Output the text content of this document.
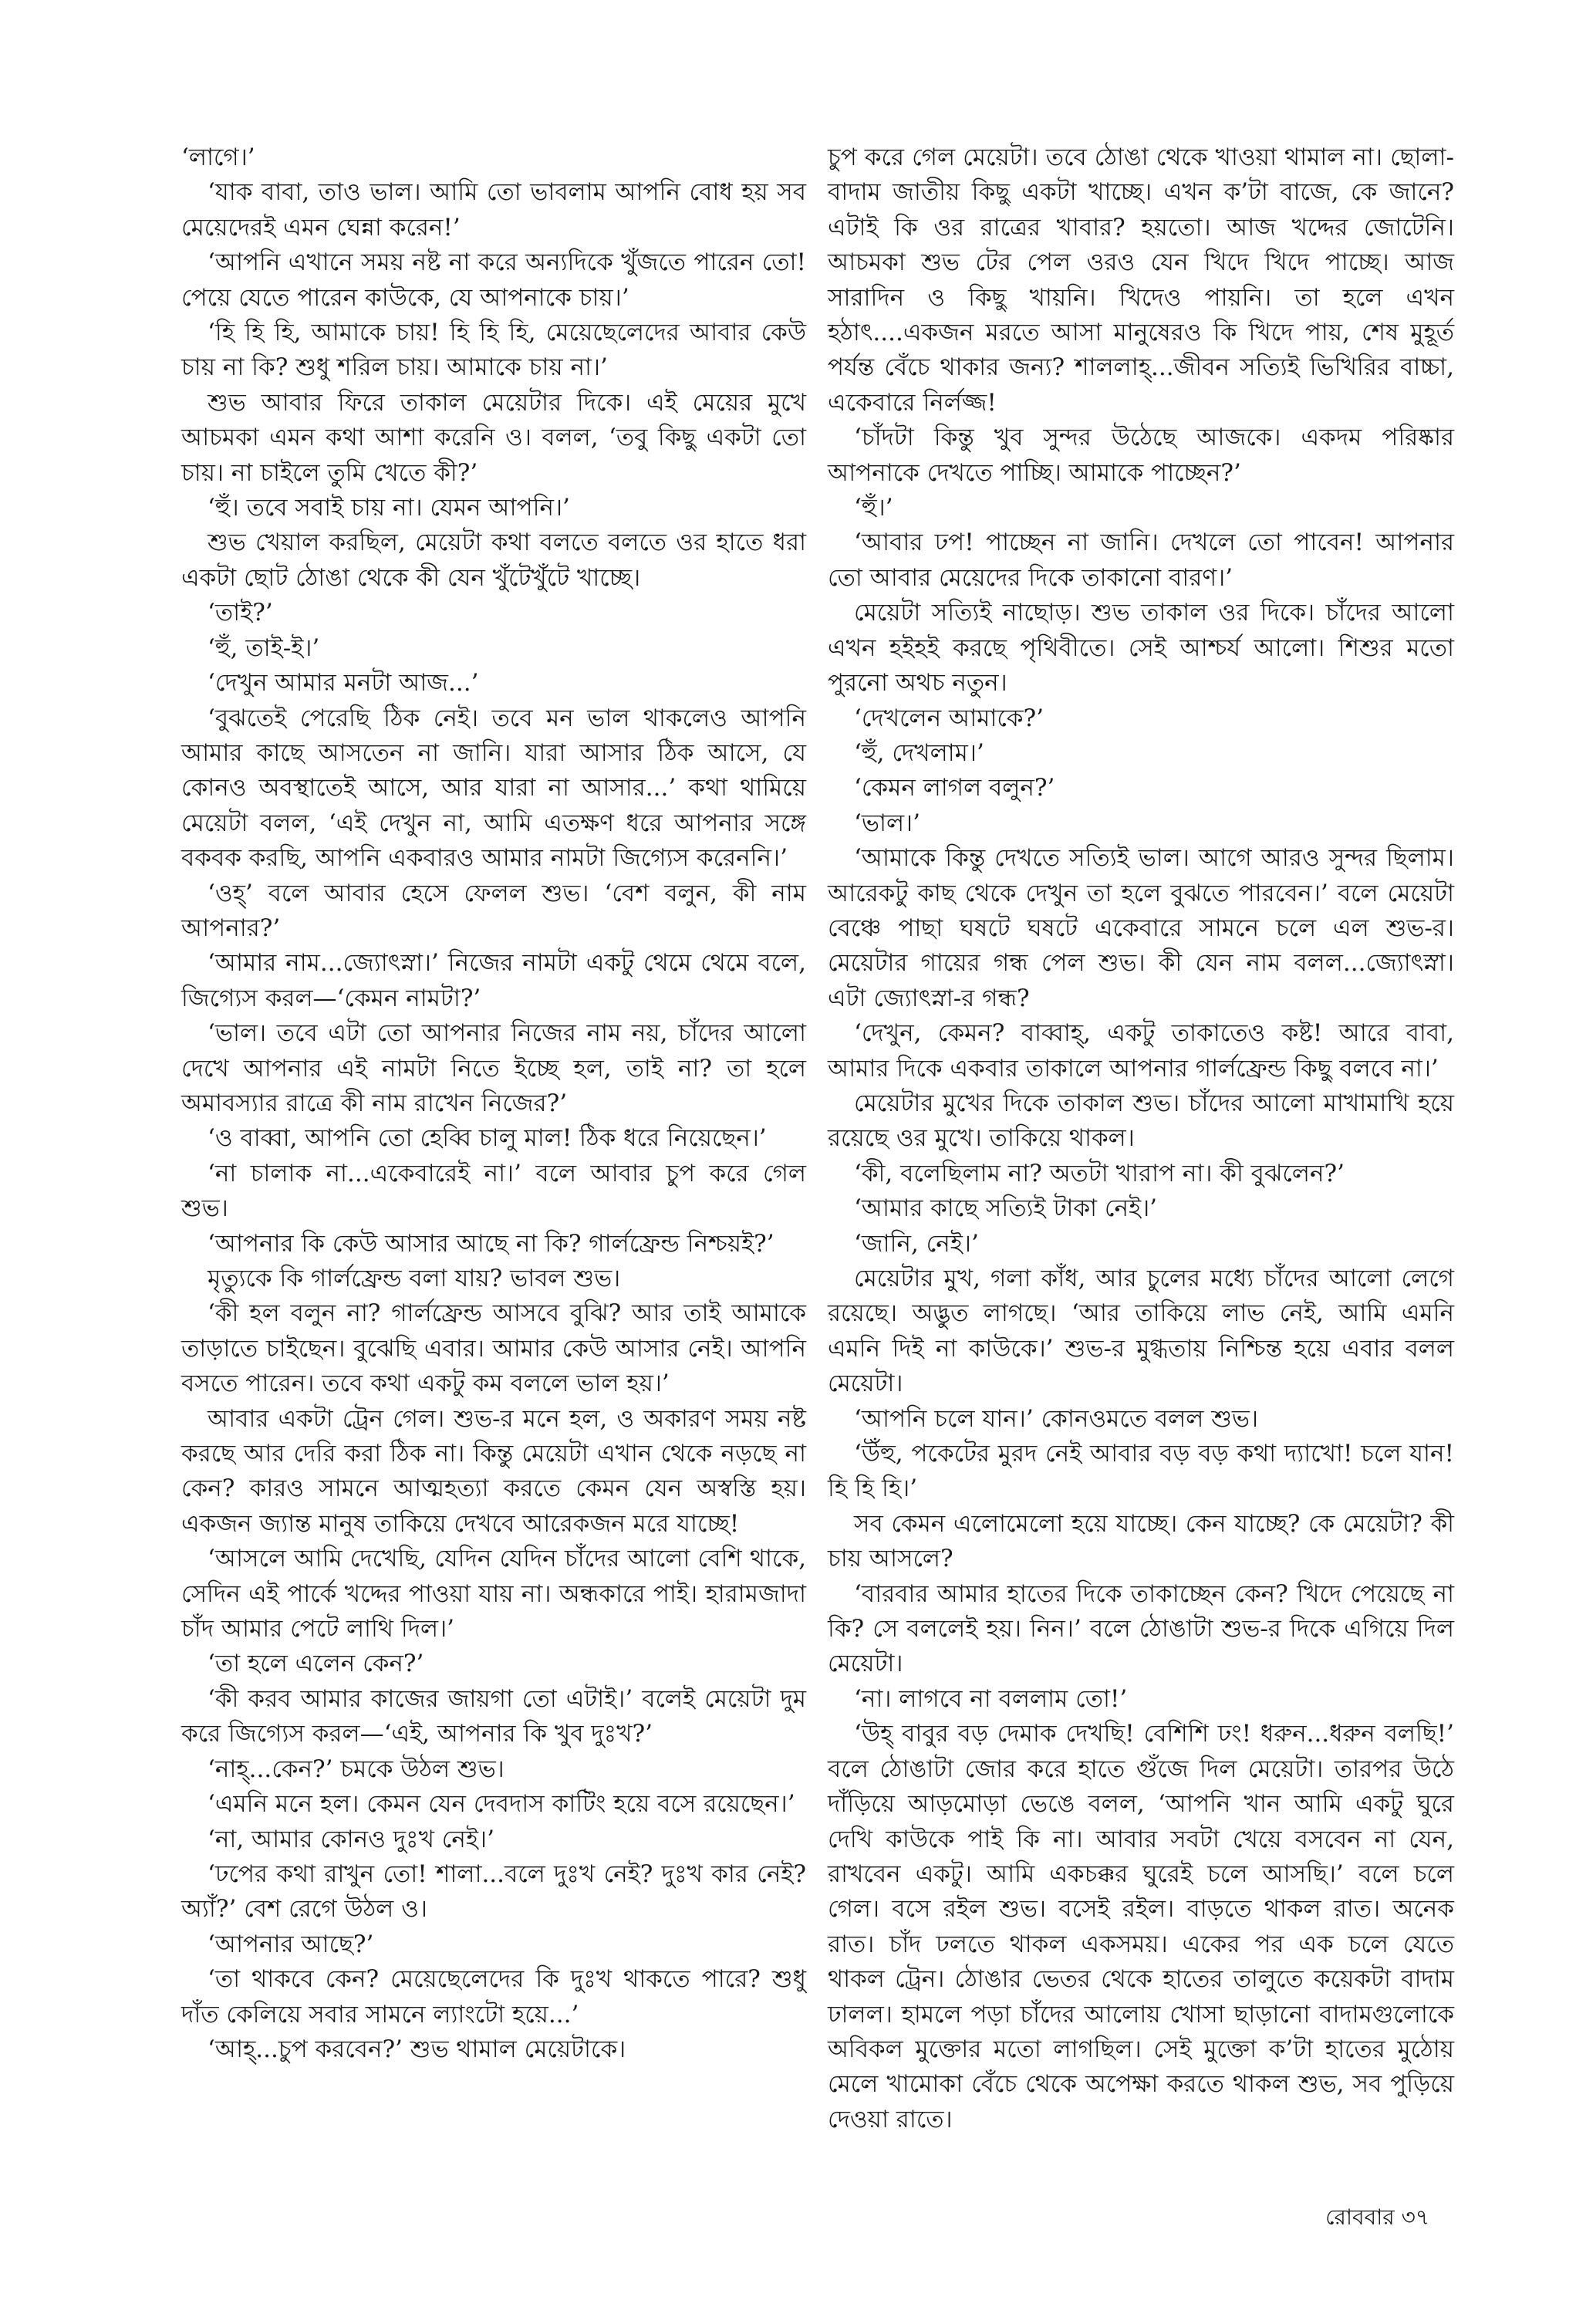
‘লাগে।’

‘যাক বাবা, তাও ভাল। আমি তো ভাবলাম আপনি বোধ হয় সব মেয়েদেরই এমন ঘেন্না করেন!’

‘আপনি এখানে সময় নষ্ট না করে অন্যদিকে খুঁজতে পারেন তো! পেয়ে যেতে পারেন কাউকে, যে আপনাকে চায়।’

‘হি হি হি, আমাকে চায়! হি হি হি, মেয়েছেলেদের আবার কেউ চায় না কি? শুধু শরিল চায়। আমাকে চায় না।’

শুভ আবার ফিরে তাকাল মেয়েটার দিকে। এই মেয়ের মুখে আচমকা এমন কথা আশা করেনি ও। বলল, ‘তবু কিছু একটা তো চায়। না চাইলে তুমি খেতে কী?’

‘হুঁ। তবে সবাই চায় না। যেমন আপনি।’

শুভ খেয়াল করছিল, মেয়েটা কথা বলতে বলতে ওর হাতে ধরা একটা ছোট ঠোঙা থেকে কী যেন খুঁটেখুঁটে খাচ্ছে।

‘তাই?’

‘হুঁ, তাই-ই।’

‘দেখুন আমার মনটা আজ...’

‘বুঝতেই পেরেছি ঠিক নেই। তবে মন ভাল থাকলেও আপনি আমার কাছে আসতেন না জানি। যারা আসার ঠিক আসে, যে কোনও অবস্থাতেই আসে, আর যারা না আসার...’ কথা থামিয়ে মেয়েটা বলল, ‘এই দেখুন না, আমি এতক্ষণ ধরে আপনার সঙ্গে বকবক করছি, আপনি একবারও আমার নামটা জিগ্যেস করেননি।’

‘ওহ্’ বলে আবার হেসে ফেলল শুভ। ‘বেশ বলুন, কী নাম আপনার?’

‘আমার নাম...জ্যোৎস্না।’ নিজের নামটা একটু থেমে থেমে বলে, জিগ্যেস করল—‘কেমন নামটা?’

‘ভাল। তবে এটা তো আপনার নিজের নাম নয়, চাঁদের আলো দেখে আপনার এই নামটা নিতে ইচ্ছে হল, তাই না? তা হলে অমাবস্যার রাত্রে কী নাম রাখেন নিজের?’

‘ও বাব্বা, আপনি তো হেব্বি চালু মাল! ঠিক ধরে নিয়েছেন।’

‘না চালাক না...একেবারেই না।’ বলে আবার চুপ করে গেল শুভ।

‘আপনার কি কেউ আসার আছে না কি? গার্লফ্রেন্ড নিশ্চয়ই?’

মৃত্যুকে কি গার্লফ্রেন্ড বলা যায়? ভাবল শুভ।

‘কী হল বলুন না? গার্লফ্রেন্ড আসবে বুঝি? আর তাই আমাকে তাড়াতে চাইছেন। বুঝেছি এবার। আমার কেউ আসার নেই। আপনি বসতে পারেন। তবে কথা একটু কম বললে ভাল হয়।’

আবার একটা ট্রেন গেল। শুভ-র মনে হল, ও অকারণ সময় নষ্ট করছে আর দেরি করা ঠিক না। কিন্তু মেয়েটা এখান থেকে নড়ছে না কেন? কারও সামনে আত্মহত্যা করতে কেমন যেন অস্বস্তি হয়। একজন জ্যান্ত মানুষ তাকিয়ে দেখবে আরেকজন মরে যাচ্ছে!

‘আসলে আমি দেখেছি, যেদিন যেদিন চাঁদের আলো বেশি থাকে, সেদিন এই পার্কে খদ্দের পাওয়া যায় না। অন্ধকারে পাই। হারামজাদা চাঁদ আমার পেটে লাথি দিল।’

‘তা হলে এলেন কেন?’

‘কী করব আমার কাজের জায়গা তো এটাই।’ বলেই মেয়েটা দুম করে জিগ্যেস করল—‘এই, আপনার কি খুব দুঃখ?’

‘নাহ্...কেন?’ চমকে উঠল শুভ।

‘এমনি মনে হল। কেমন যেন দেবদাস কাটিং হয়ে বসে রয়েছেন।’

‘না, আমার কোনও দুঃখ নেই।’

‘ঢপের কথা রাখুন তো! শালা...বলে দুঃখ নেই? দুঃখ কার নেই? অ্যাঁ?’ বেশ রেগে উঠল ও।

‘আপনার আছে?’

‘তা থাকবে কেন? মেয়েছেলেদের কি দুঃখ থাকতে পারে? শুধু দাঁত কেলিয়ে সবার সামনে ল্যাংটো হয়ে...’

‘আহ্...চুপ করবেন?’ শুভ থামাল মেয়েটাকে।

চুপ করে গেল মেয়েটা। তবে ঠোঙা থেকে খাওয়া থামাল না। ছোলা-বাদাম জাতীয় কিছু একটা খাচ্ছে। এখন ক’টা বাজে, কে জানে? এটাই কি ওর রাত্রের খাবার? হয়তো। আজ খদ্দের জোটেনি। আচমকা শুভ টের পেল ওরও যেন খিদে খিদে পাচ্ছে। আজ সারাদিন ও কিছু খায়নি। খিদেও পায়নি। তা হলে এখন হঠাৎ....একজন মরতে আসা মানুষেরও কি খিদে পায়, শেষ মুহূর্ত পর্যন্ত বেঁচে থাকার জন্য? শাললাহ্‌...জীবন সত্যিই ভিখিরির বাচ্চা, একেবারে নির্লজ্জ!

‘চাঁদটা কিন্তু খুব সুন্দর উঠেছে আজকে। একদম পরিষ্কার আপনাকে দেখতে পাচ্ছি। আমাকে পাচ্ছেন?’

‘হুঁ।’

‘আবার ঢপ! পাচ্ছেন না জানি। দেখলে তো পাবেন! আপনার তো আবার মেয়েদের দিকে তাকানো বারণ।’

মেয়েটা সত্যিই নাছোড়। শুভ তাকাল ওর দিকে। চাঁদের আলো এখন হইহই করছে পৃথিবীতে। সেই আশ্চর্য আলো। শিশুর মতো পুরনো অথচ নতুন।

‘দেখলেন আমাকে?’

‘হুঁ, দেখলাম।’

‘কেমন লাগল বলুন?’

‘ভাল।’

‘আমাকে কিন্তু দেখতে সত্যিই ভাল। আগে আরও সুন্দর ছিলাম। আরেকটু কাছ থেকে দেখুন তা হলে বুঝতে পারবেন।’ বলে মেয়েটা বেঞ্চে পাছা ঘষটে ঘষটে একেবারে সামনে চলে এল শুভ-র। মেয়েটার গায়ের গন্ধ পেল শুভ। কী যেন নাম বলল...জ্যোৎস্না। এটা জ্যোৎস্না-র গন্ধ?

‘দেখুন, কেমন? বাব্বাহ্, একটু তাকাতেও কষ্ট! আরে বাবা, আমার দিকে একবার তাকালে আপনার গার্লফ্রেন্ড কিছু বলবে না।’

মেয়েটার মুখের দিকে তাকাল শুভ। চাঁদের আলো মাখামাখি হয়ে রয়েছে ওর মুখে। তাকিয়ে থাকল।

‘কী, বলেছিলাম না? অতটা খারাপ না। কী বুঝলেন?’

‘আমার কাছে সত্যিই টাকা নেই।’

‘জানি, নেই।’

মেয়েটার মুখ, গলা কাঁধ, আর চুলের মধ্যে চাঁদের আলো লেগে রয়েছে। অদ্ভুত লাগছে। ‘আর তাকিয়ে লাভ নেই, আমি এমনি এমনি দিই না কাউকে।’ শুভ-র মুগ্ধতায় নিশ্চিন্ত হয়ে এবার বলল মেয়েটা।

‘আপনি চলে যান।’ কোনওমতে বলল শুভ।

‘উঁহু, পকেটের মুরদ নেই আবার বড় বড় কথা দ্যাখো! চলে যান! হি হি হি।’

সব কেমন এলোমেলো হয়ে যাচ্ছে। কেন যাচ্ছে? কে মেয়েটা? কী চায় আসলে?

‘বারবার আমার হাতের দিকে তাকাচ্ছেন কেন? খিদে পেয়েছে না কি? সে বললেই হয়। নিন।’ বলে ঠোঙাটা শুভ-র দিকে এগিয়ে দিল মেয়েটা।

‘না। লাগবে না বললাম তো!’

‘উহ্ বাবুর বড় দেমাক দেখছি! বেশিশি ঢং! ধরুন...ধরুন বলছি!’ বলে ঠোঙাটা জোর করে হাতে গুঁজে দিল মেয়েটা। তারপর উঠে দাঁড়িয়ে আড়মোড়া ভেঙে বলল, ‘আপনি খান আমি একটু ঘুরে দেখি কাউকে পাই কি না। আবার সবটা খেয়ে বসবেন না যেন, রাখবেন একটু। আমি একচক্কর ঘুরেই চলে আসছি।’ বলে চলে গেল। বসে রইল শুভ। বসেই রইল। বাড়তে থাকল রাত। অনেক রাত। চাঁদ ঢলতে থাকল একসময়। একের পর এক চলে যেতে থাকল ট্রেন। ঠোঙার ভেতর থেকে হাতের তালুতে কয়েকটা বাদাম ঢালল। হামলে পড়া চাঁদের আলোয় খোসা ছাড়ানো বাদামগুলোকে অবিকল মুক্তোর মতো লাগছিল। সেই মুক্তো ক’টা হাতের মুঠোয় মেলে খামোকা বেঁচে থেকে অপেক্ষা করতে থাকল শুভ, সব পুড়িয়ে দেওয়া রাতে।

রোববার ৩৭
